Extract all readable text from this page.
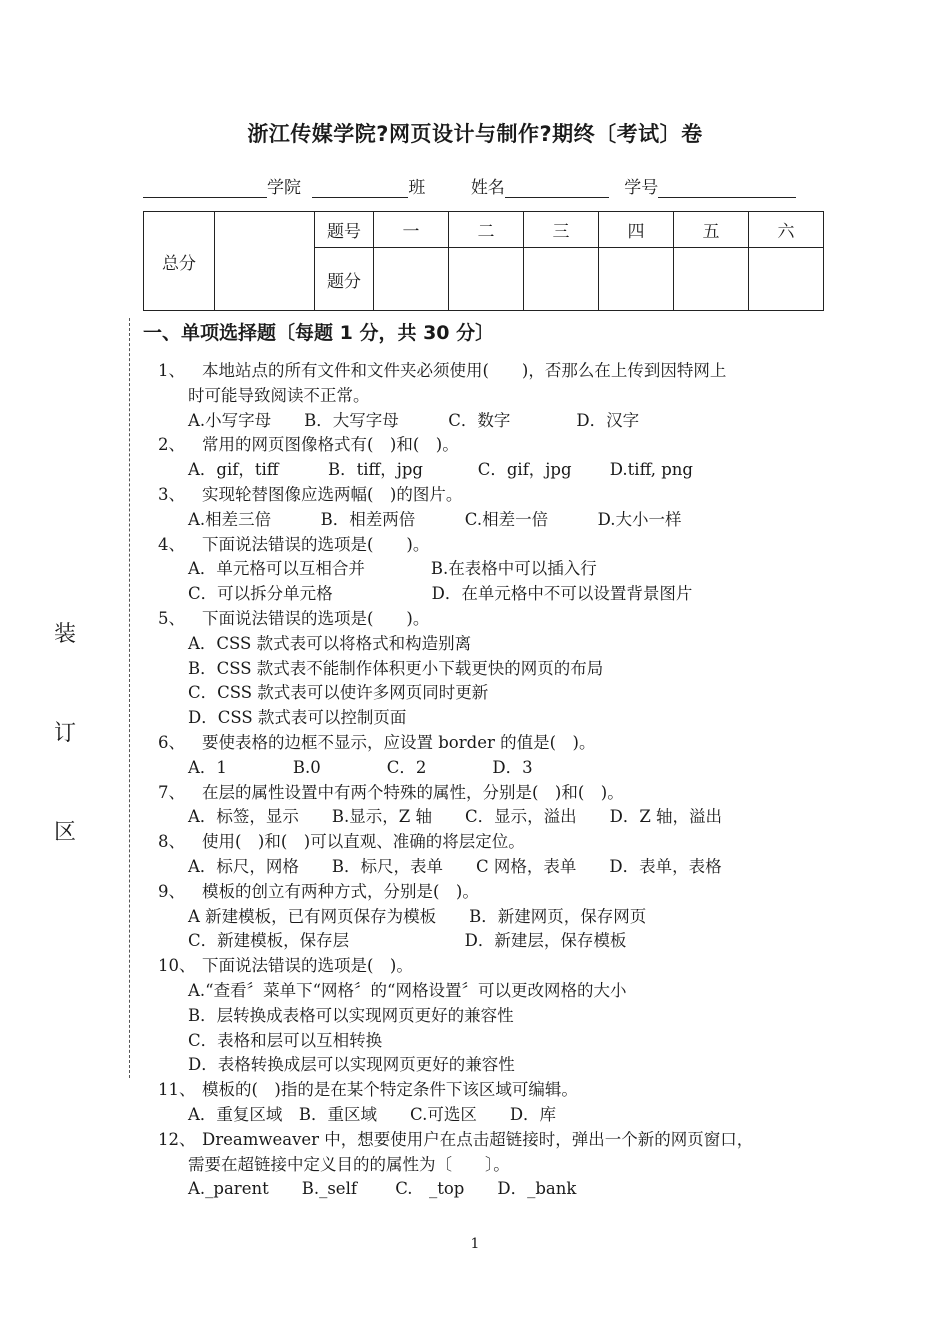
浙江传媒学院?网页设计与制作?期终〔考试〕卷
学院	班	姓名	学号
总分		题号	一	二	三	四	五	六
		题分						
装
订
区
一、单项选择题〔每题 1 分，共 30 分〕
1、 本地站点的所有文件和文件夹必须使用(　　)，否那么在上传到因特网上
时可能导致阅读不正常。
A.小写字母　　B．大写字母　　　C．数字　　　　D．汉字
2、 常用的网页图像格式有(　)和(　)。
A．gif，tiff　　　B．tiff，jpg　　　 C．gif，jpg　　 D.tiff, png
3、 实现轮替图像应选两幅(　)的图片。
A.相差三倍　　　B．相差两倍　　　C.相差一倍　　　D.大小一样
4、 下面说法错误的选项是(　　)。
A．单元格可以互相合并　　　　B.在表格中可以插入行
C．可以拆分单元格　　　　　　D．在单元格中不可以设置背景图片
5、 下面说法错误的选项是(　　)。
A．CSS 款式表可以将格式和构造别离
B．CSS 款式表不能制作体积更小下载更快的网页的布局
C．CSS 款式表可以使许多网页同时更新
D．CSS 款式表可以控制页面
6、 要使表格的边框不显示，应设置 border 的值是(　)。
A．1　　　　B.0　　　　C．2　　　　D．3
7、 在层的属性设置中有两个特殊的属性，分别是(　)和(　)。
A．标签，显示　　B.显示，Z 轴　　C．显示，溢出　　D．Z 轴，溢出
8、 使用(　)和(　)可以直观、准确的将层定位。
A．标尺，网格　　B．标尺，表单　　C 网格，表单　　D．表单，表格
9、 模板的创立有两种方式，分别是(　)。
A 新建模板，已有网页保存为模板　　B．新建网页，保存网页
C．新建模板，保存层　　　　　　　D．新建层，保存模板
10、 下面说法错误的选项是(　)。
A.“查看〞菜单下“网格〞的“网格设置〞可以更改网格的大小
B．层转换成表格可以实现网页更好的兼容性
C．表格和层可以互相转换
D．表格转换成层可以实现网页更好的兼容性
11、 模板的(　)指的是在某个特定条件下该区域可编辑。
A．重复区域　B．重区域　　C.可选区　　D．库
12、 Dreamweaver 中，想要使用户在点击超链接时，弹出一个新的网页窗口，
需要在超链接中定义目的的属性为〔　　〕。
A._parent　　B._self　　 C.　_top　　D．_bank
1
